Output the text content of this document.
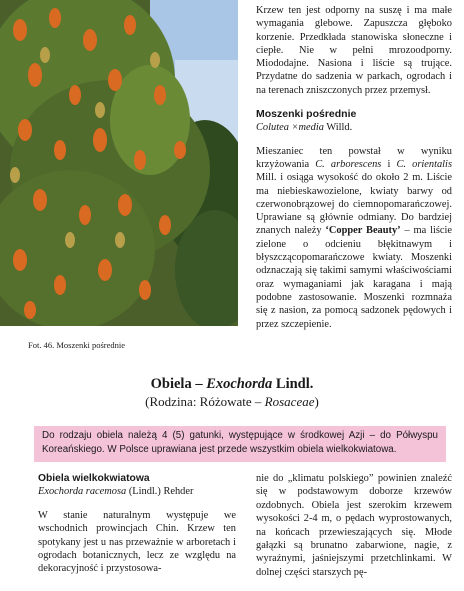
Fot. 46. Moszenki pośrednie

Krzew ten jest odporny na suszę i ma małe wymagania glebowe. Zapuszcza głęboko korzenie. Przedkłada stanowiska słoneczne i ciepłe. Nie w pełni mrozoodporny. Miododajne. Nasiona i liście są trujące. Przydatne do sadzenia w parkach, ogrodach i na terenach zniszczonych przez przemysł.

Moszenki pośrednie

Colutea ×media Willd.

Mieszaniec ten powstał w wyniku krzyżowania C. arborescens i C. orientalis Mill. i osiąga wysokość do około 2 m. Liście ma niebieskawozielone, kwiaty barwy od czerwonobrązowej do ciemnopomarańczowej. Uprawiane są głównie odmiany. Do bardziej znanych należy ‘Copper Beauty’ – ma liście zielone o odcieniu błękitnawym i błyszczącopomarańczowe kwiaty. Moszenki odznaczają się takimi samymi właściwościami oraz wymaganiami jak karagana i mają podobne zastosowanie. Moszenki rozmnaża się z nasion, za pomocą sadzonek pędowych i przez szczepienie.

Obiela – Exochorda Lindl.
(Rodzina: Różowate – Rosaceae)
Do rodzaju obiela należą 4 (5) gatunki, występujące w środkowej Azji – do Półwyspu Koreańskiego. W Polsce uprawiana jest przede wszystkim obiela wielkokwiatowa.

Obiela wielkokwiatowa

Exochorda racemosa (Lindl.) Rehder

W stanie naturalnym występuje we wschodnich prowincjach Chin. Krzew ten spotykany jest u nas przeważnie w arboretach i ogrodach botanicznych, lecz ze względu na dekoracyjność i przystosowa-

nie do „klimatu polskiego” powinien znaleźć się w podstawowym doborze krzewów ozdobnych. Obiela jest szerokim krzewem wysokości 2-4 m, o pędach wyprostowanych, na końcach przewieszających się. Młode gałązki są brunatno zabarwione, nagie, z wyraźnymi, jaśniejszymi przetchlinkami. W dolnej części starszych pę-
